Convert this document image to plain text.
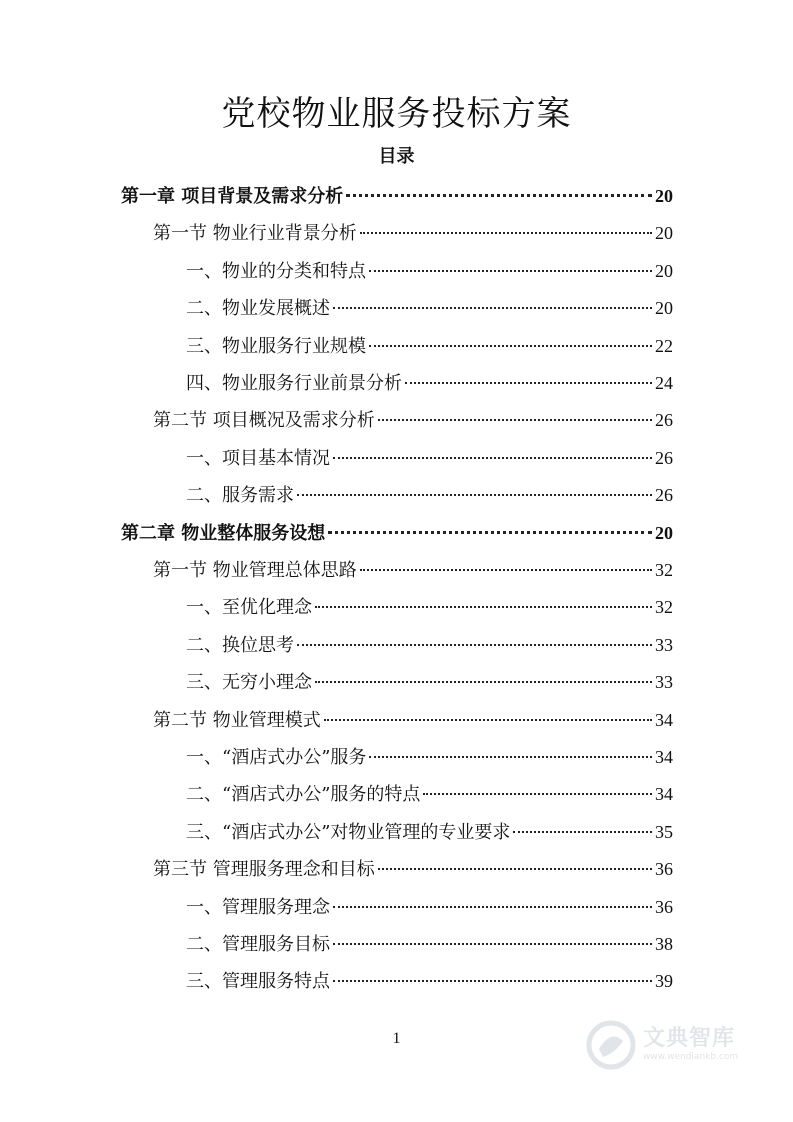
党校物业服务投标方案
目录
第一章 项目背景及需求分析	20
第一节 物业行业背景分析	20
一、物业的分类和特点	20
二、物业发展概述	20
三、物业服务行业规模	22
四、物业服务行业前景分析	24
第二节 项目概况及需求分析	26
一、项目基本情况	26
二、服务需求	26
第二章 物业整体服务设想	20
第一节 物业管理总体思路	32
一、至优化理念	32
二、换位思考	33
三、无穷小理念	33
第二节 物业管理模式	34
一、“酒店式办公”服务	34
二、“酒店式办公”服务的特点	34
三、“酒店式办公”对物业管理的专业要求	35
第三节 管理服务理念和目标	36
一、管理服务理念	36
二、管理服务目标	38
三、管理服务特点	39
1	文典智库
www.wendiankb.com
